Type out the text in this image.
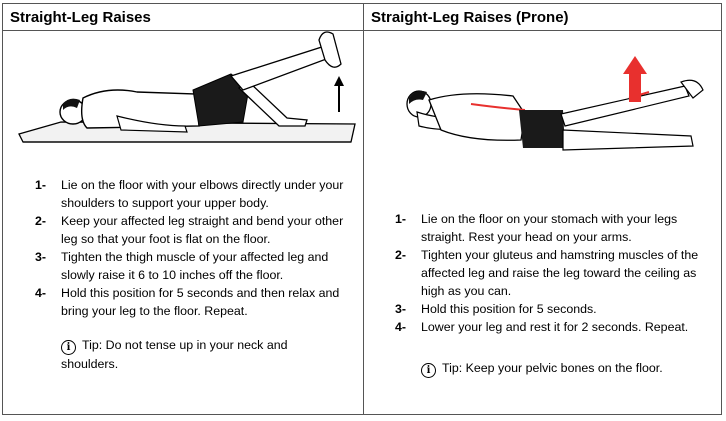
Straight-Leg Raises	Straight-Leg Raises (Prone)
1- Lie on the floor with your elbows directly under your shoulders to support your upper body.
2- Keep your affected leg straight and bend your other leg so that your foot is flat on the floor.
3- Tighten the thigh muscle of your affected leg and slowly raise it 6 to 10 inches off the floor.
4- Hold this position for 5 seconds and then relax and bring your leg to the floor. Repeat.
i Tip: Do not tense up in your neck and shoulders.
1- Lie on the floor on your stomach with your legs straight. Rest your head on your arms.
2- Tighten your gluteus and hamstring muscles of the affected leg and raise the leg toward the ceiling as high as you can.
3- Hold this position for 5 seconds.
4- Lower your leg and rest it for 2 seconds. Repeat.
i Tip: Keep your pelvic bones on the floor.
